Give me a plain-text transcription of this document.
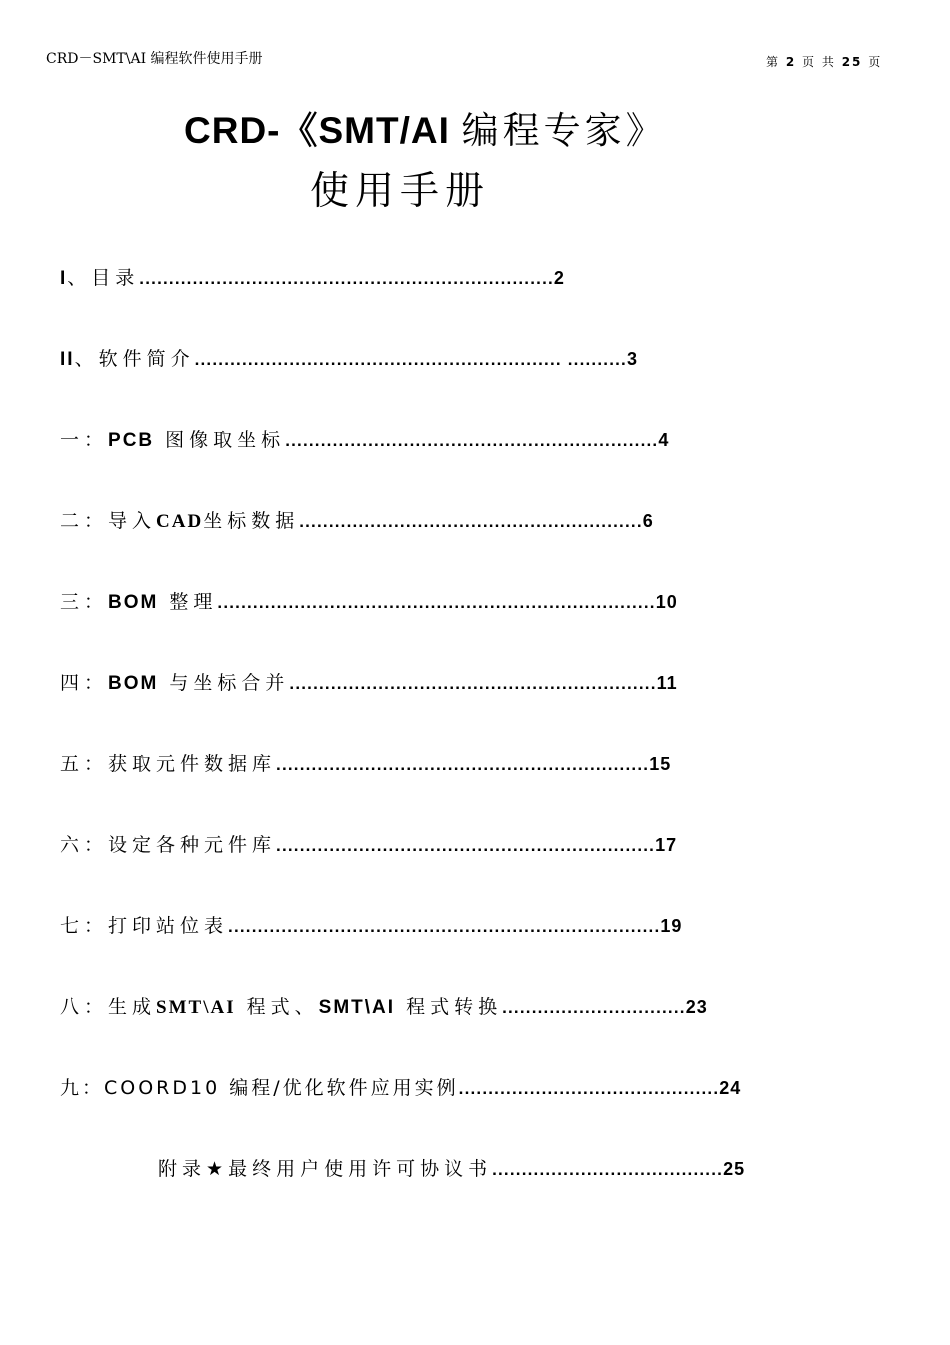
CRD－SMT\AI 编程软件使用手册	第 2 页 共 25 页
CRD-《SMT/AI 编程专家》
使用手册
I、目录......................................................................2
II、软件简介.............................................................. ..........3
一：PCB 图像取坐标...............................................................4
二：导入CAD坐标数据..........................................................6
三：BOM 整理..........................................................................10
四：BOM 与坐标合并..............................................................11
五：获取元件数据库...............................................................15
六：设定各种元件库................................................................17
七：打印站位表.........................................................................19
八：生成SMT\AI 程式、SMT\AI 程式转换...............................23
九：COORD10 编程/优化软件应用实例............................................24
附录★最终用户使用许可协议书.......................................25
